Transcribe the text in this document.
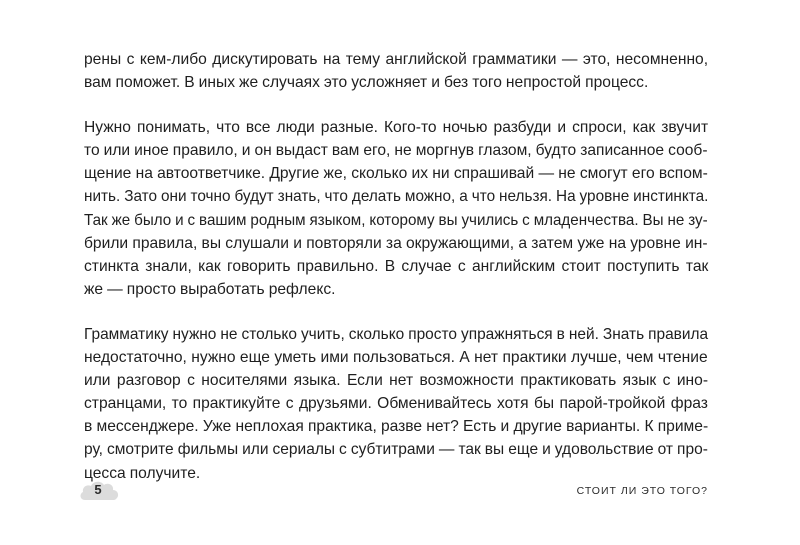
рены с кем-либо дискутировать на тему английской грамматики — это, несомненно,
вам поможет. В иных же случаях это усложняет и без того непростой процесс.

Нужно понимать, что все люди разные. Кого-то ночью разбуди и спроси, как звучит
то или иное правило, и он выдаст вам его, не моргнув глазом, будто записанное сооб-
щение на автоответчике. Другие же, сколько их ни спрашивай — не смогут его вспом-
нить. Зато они точно будут знать, что делать можно, а что нельзя. На уровне инстинкта.
Так же было и с вашим родным языком, которому вы учились с младенчества. Вы не зу-
брили правила, вы слушали и повторяли за окружающими, а затем уже на уровне ин-
стинкта знали, как говорить правильно. В случае с английским стоит поступить так
же — просто выработать рефлекс.

Грамматику нужно не столько учить, сколько просто упражняться в ней. Знать правила
недостаточно, нужно еще уметь ими пользоваться. А нет практики лучше, чем чтение
или разговор с носителями языка. Если нет возможности практиковать язык с ино-
странцами, то практикуйте с друзьями. Обменивайтесь хотя бы парой-тройкой фраз
в мессенджере. Уже неплохая практика, разве нет? Есть и другие варианты. К приме-
ру, смотрите фильмы или сериалы с субтитрами — так вы еще и удовольствие от про-
цесса получите.

5	СТОИТ ЛИ ЭТО ТОГО?
